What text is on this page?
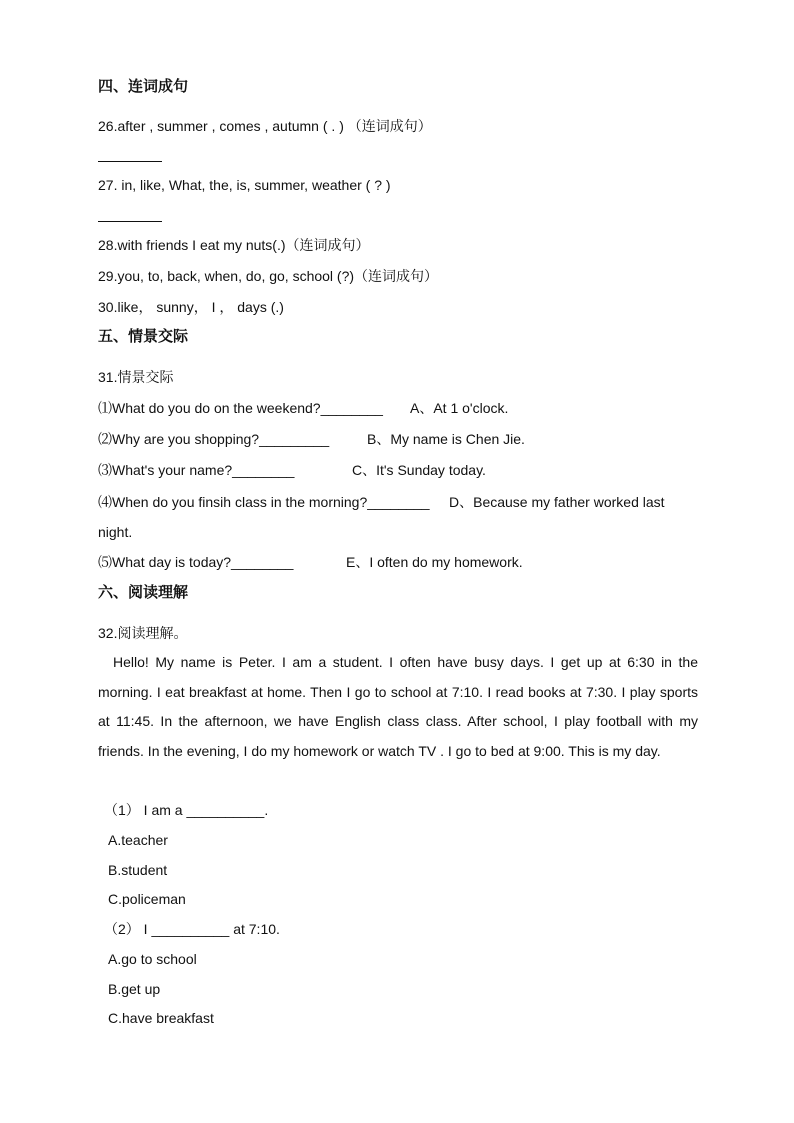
四、连词成句
26.after , summer , comes , autumn ( . ) （连词成句）
27. in, like, What, the, is, summer, weather ( ? )
28.with friends I eat my nuts(.)（连词成句）
29.you, to, back, when, do, go, school (?)（连词成句）
30.like， sunny， I ， days (.)
五、情景交际
31.情景交际
⑴What do you do on the weekend?________ A、At 1 o'clock.
⑵Why are you shopping?_________	B、My name is Chen Jie.
⑶What's your name?________	C、It's Sunday today.
⑷When do you finsih class in the morning?________ D、Because my father worked last
night.
⑸What day is today?________	E、I often do my homework.
六、阅读理解
32.阅读理解。
Hello! My name is Peter. I am a student. I often have busy days. I get up at 6:30 in the morning. I eat breakfast at home. Then I go to school at 7:10. I read books at 7:30. I play sports at 11:45. In the afternoon, we have English class class. After school, I play football with my friends. In the evening, I do my homework or watch TV . I go to bed at 9:00. This is my day.
（1） I am a __________.
A.teacher
B.student
C.policeman
（2） I __________ at 7:10.
A.go to school
B.get up
C.have breakfast
